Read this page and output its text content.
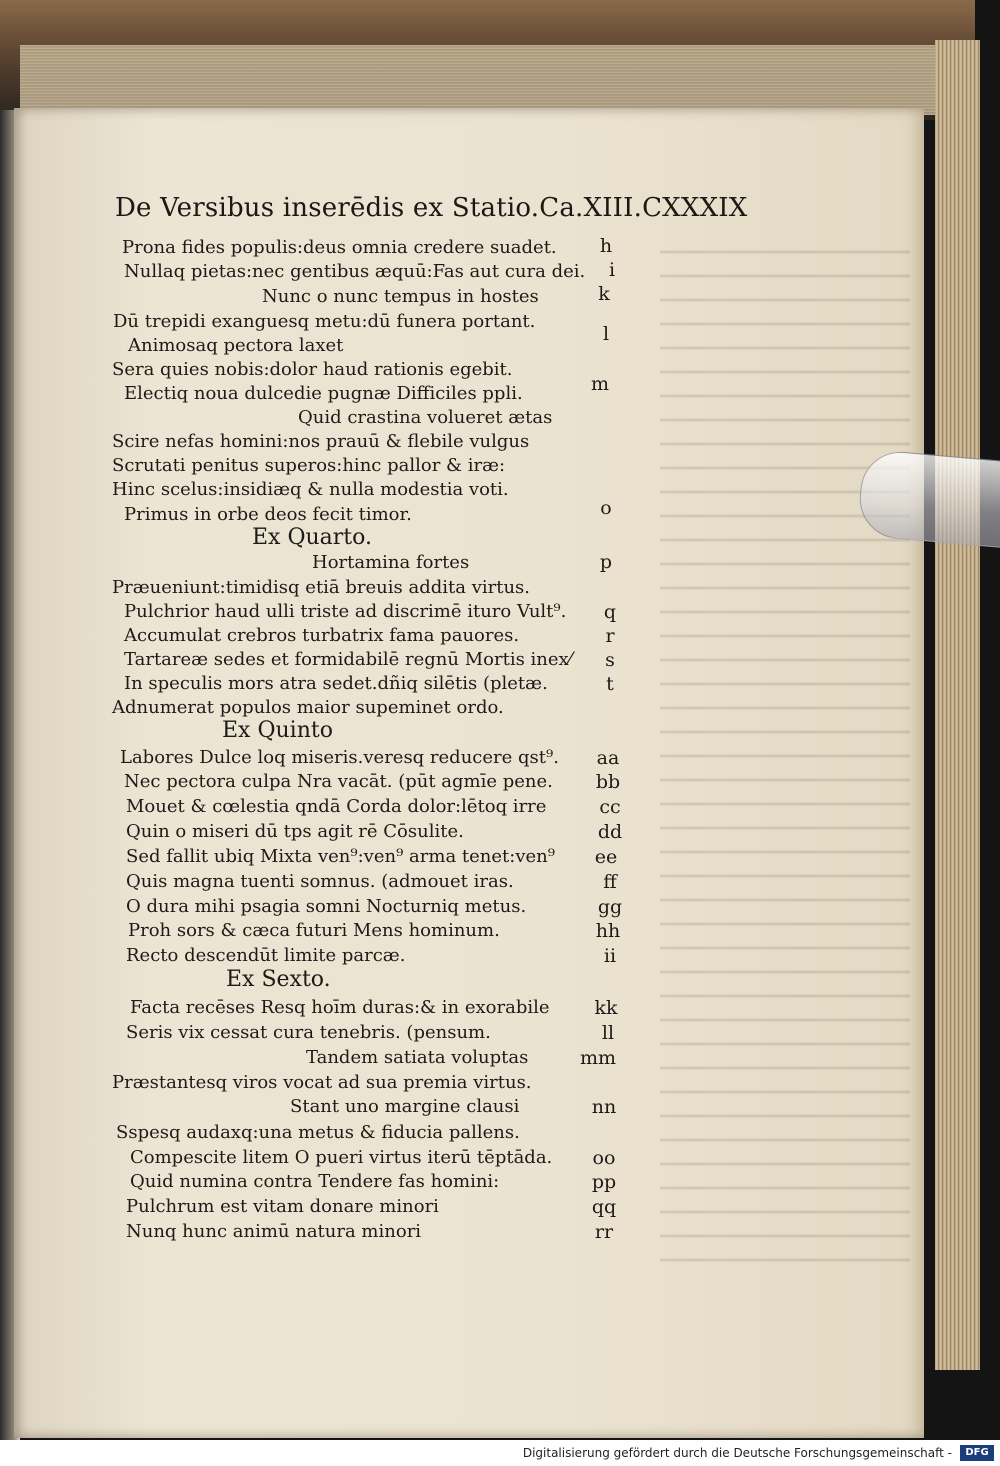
De Versibus inserēdis ex Statio.Ca.XIII.CXXXIX
Prona fides populis:deus omnia credere suadet.
Nullaq pietas:nec gentibus æquū:Fas aut cura dei.
Nunc o nunc tempus in hostes
Dū trepidi exanguesq metu:dū funera portant.
Animosaq pectora laxet
Sera quies nobis:dolor haud rationis egebit.
Electiq noua dulcedie pugnæ Difficiles ppli.
Quid crastina volueret ætas
Scire nefas homini:nos prauū & flebile vulgus
Scrutati penitus superos:hinc pallor & iræ:
Hinc scelus:insidiæq & nulla modestia voti.
Primus in orbe deos fecit timor.
Ex Quarto.
Hortamina fortes
Præueniunt:timidisq etiā breuis addita virtus.
Pulchrior haud ulli triste ad discrimē ituro Vult⁹.
Accumulat crebros turbatrix fama pauores.
Tartareæ sedes et formidabilē regnū Mortis inex⁄
In speculis mors atra sedet.dñiq silētis (pletæ.
Adnumerat populos maior supeminet ordo.
Ex Quinto
Labores Dulce loq miseris.veresq reducere qst⁹.
Nec pectora culpa Nra vacāt. (pūt agmīe pene.
Mouet & cœlestia qndā Corda dolor:lētoq irre
Quin o miseri dū tps agit rē Cōsulite.
Sed fallit ubiq Mixta ven⁹:ven⁹ arma tenet:ven⁹
Quis magna tuenti somnus. (admouet iras.
O dura mihi psagia somni Nocturniq metus.
Proh sors & cæca futuri Mens hominum.
Recto descendūt limite parcæ.
Ex Sexto.
Facta recēses Resq hoīm duras:& in exorabile
Seris vix cessat cura tenebris. (pensum.
Tandem satiata voluptas
Præstantesq viros vocat ad sua premia virtus.
Stant uno margine clausi
Sspesq audaxq:una metus & fiducia pallens.
Compescite litem O pueri virtus iterū tēptāda.
Quid numina contra Tendere fas homini:
Pulchrum est vitam donare minori
Nunq hunc animū natura minori
h
i
k
l
m
o
p
q
r
s
t
aa
bb
cc
dd
ee
ff
gg
hh
ii
kk
ll
mm
nn
oo
pp
qq
rr
Digitalisierung gefördert durch die Deutsche Forschungsgemeinschaft -	DFG
